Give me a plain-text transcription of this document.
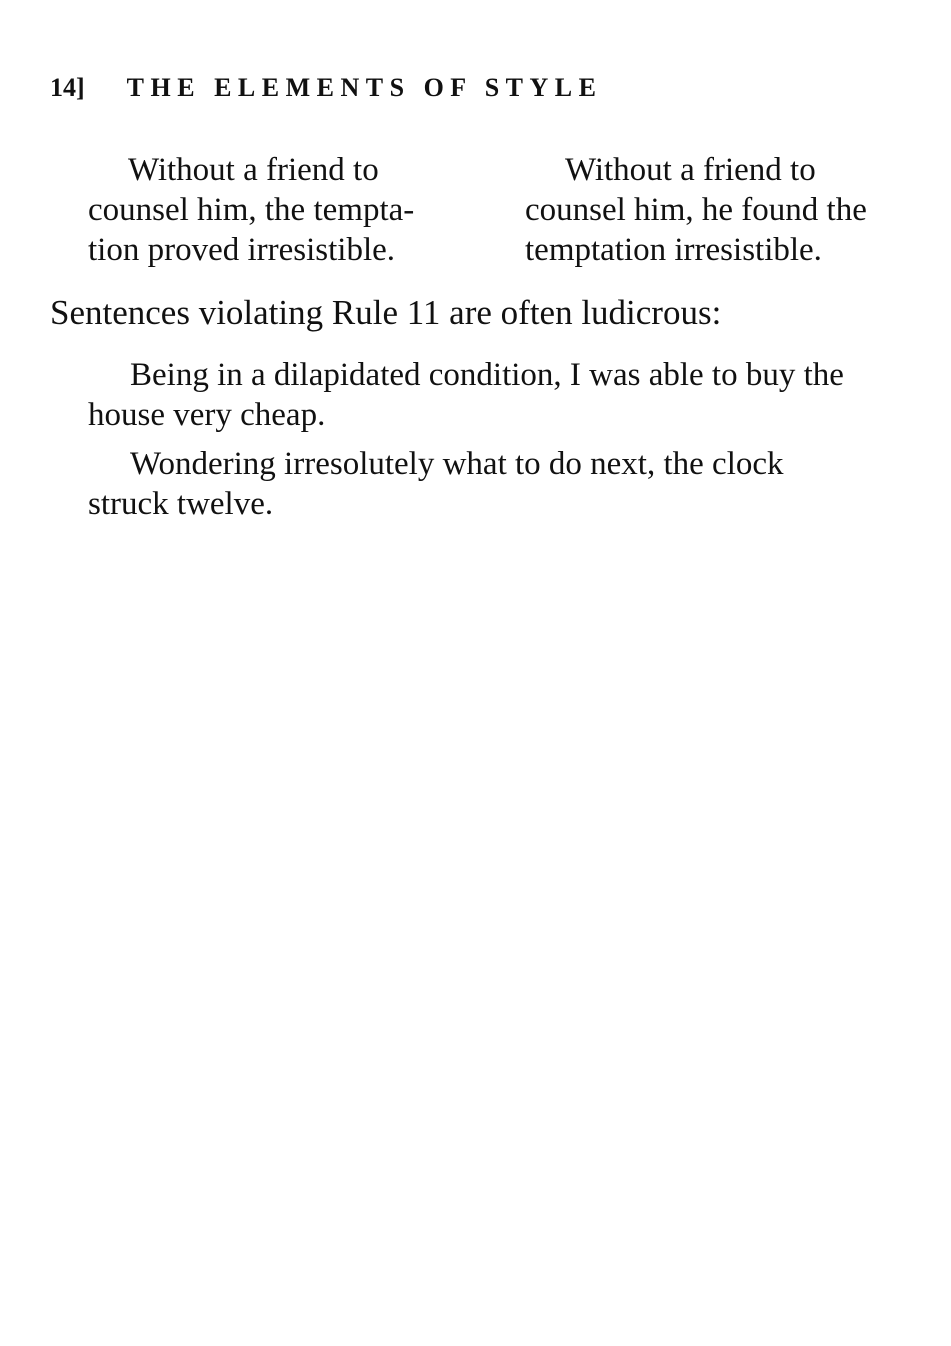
14] THE ELEMENTS OF STYLE
Without a friend to
counsel him, the tempta-
tion proved irresistible.
Without a friend to
counsel him, he found the
temptation irresistible.
Sentences violating Rule 11 are often ludicrous:
Being in a dilapidated condition, I was able to buy the
house very cheap.
Wondering irresolutely what to do next, the clock
struck twelve.
